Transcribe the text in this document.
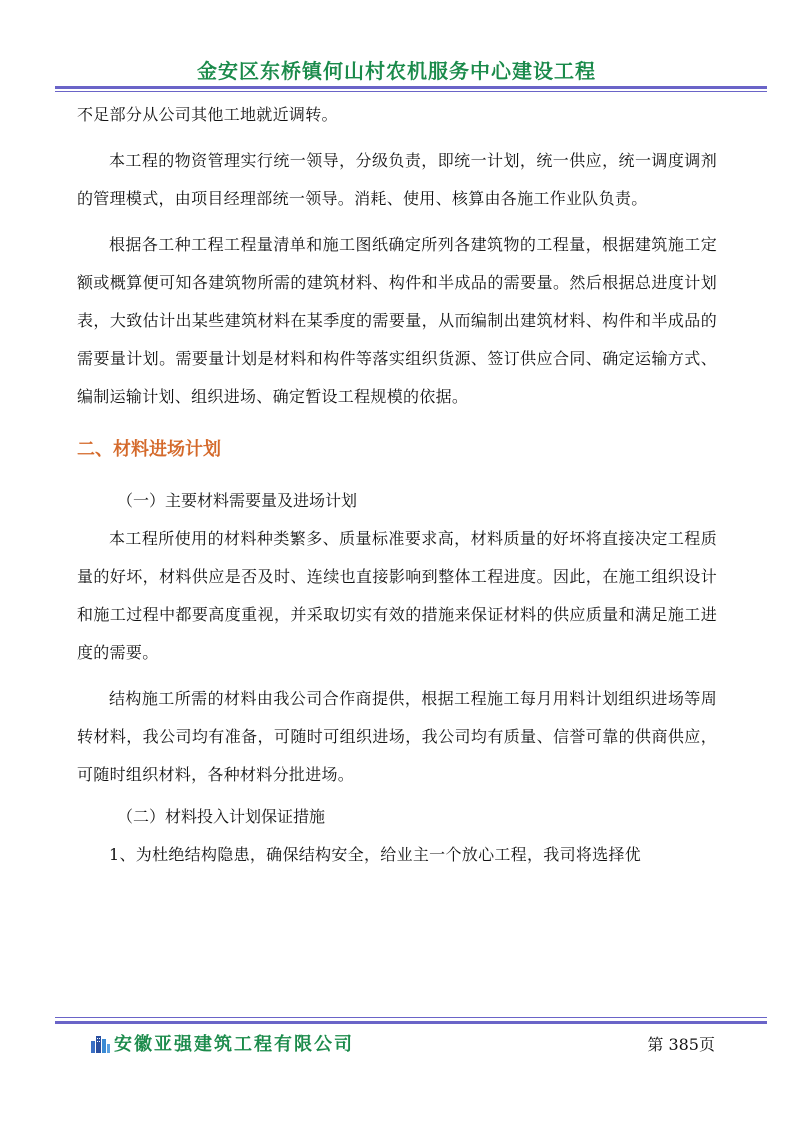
金安区东桥镇何山村农机服务中心建设工程

不足部分从公司其他工地就近调转。

本工程的物资管理实行统一领导，分级负责，即统一计划，统一供应，统一调度调剂的管理模式，由项目经理部统一领导。消耗、使用、核算由各施工作业队负责。

根据各工种工程工程量清单和施工图纸确定所列各建筑物的工程量，根据建筑施工定额或概算便可知各建筑物所需的建筑材料、构件和半成品的需要量。然后根据总进度计划表，大致估计出某些建筑材料在某季度的需要量，从而编制出建筑材料、构件和半成品的需要量计划。需要量计划是材料和构件等落实组织货源、签订供应合同、确定运输方式、编制运输计划、组织进场、确定暂设工程规模的依据。

二、材料进场计划
（一）主要材料需要量及进场计划

本工程所使用的材料种类繁多、质量标准要求高，材料质量的好坏将直接决定工程质量的好坏，材料供应是否及时、连续也直接影响到整体工程进度。因此，在施工组织设计和施工过程中都要高度重视，并采取切实有效的措施来保证材料的供应质量和满足施工进度的需要。

结构施工所需的材料由我公司合作商提供，根据工程施工每月用料计划组织进场等周转材料，我公司均有准备，可随时可组织进场，我公司均有质量、信誉可靠的供商供应，可随时组织材料，各种材料分批进场。

（二）材料投入计划保证措施

1、为杜绝结构隐患，确保结构安全，给业主一个放心工程，我司将选择优

安徽亚强建筑工程有限公司	第 385页
